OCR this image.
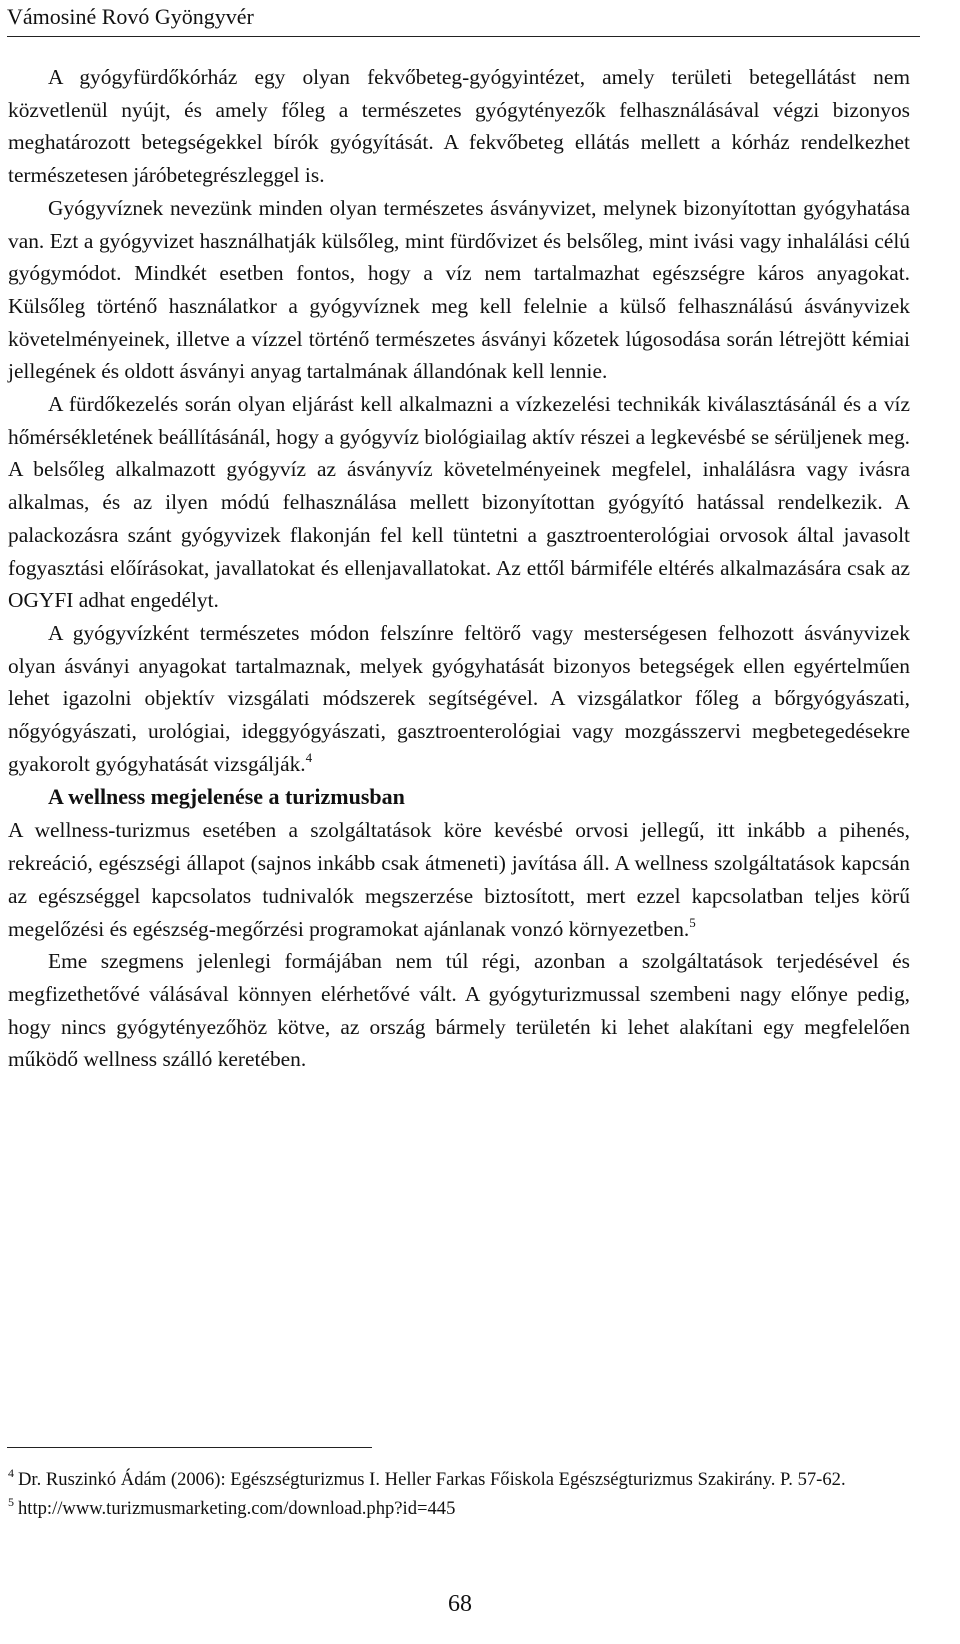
Vámosiné Rovó Gyöngyvér

A gyógyfürdőkórház egy olyan fekvőbeteg-gyógyintézet, amely területi betegellátást nem közvetlenül nyújt, és amely főleg a természetes gyógytényezők felhasználásával végzi bizonyos meghatározott betegségekkel bírók gyógyítását. A fekvőbeteg ellátás mellett a kórház rendelkezhet természetesen járóbetegrészleggel is.

Gyógyvíznek nevezünk minden olyan természetes ásványvizet, melynek bizonyítottan gyógyhatása van. Ezt a gyógyvizet használhatják külsőleg, mint fürdővizet és belsőleg, mint ivási vagy inhalálási célú gyógymódot. Mindkét esetben fontos, hogy a víz nem tartalmazhat egészségre káros anyagokat. Külsőleg történő használatkor a gyógyvíznek meg kell felelnie a külső felhasználású ásványvizek követelményeinek, illetve a vízzel történő természetes ásványi kőzetek lúgosodása során létrejött kémiai jellegének és oldott ásványi anyag tartalmának állandónak kell lennie.

A fürdőkezelés során olyan eljárást kell alkalmazni a vízkezelési technikák kiválasztásánál és a víz hőmérsékletének beállításánál, hogy a gyógyvíz biológiailag aktív részei a legkevésbé se sérüljenek meg. A belsőleg alkalmazott gyógyvíz az ásványvíz követelményeinek megfelel, inhalálásra vagy ivásra alkalmas, és az ilyen módú felhasználása mellett bizonyítottan gyógyító hatással rendelkezik. A palackozásra szánt gyógyvizek flakonján fel kell tüntetni a gasztroenterológiai orvosok által javasolt fogyasztási előírásokat, javallatokat és ellenjavallatokat. Az ettől bármiféle eltérés alkalmazására csak az OGYFI adhat engedélyt.

A gyógyvízként természetes módon felszínre feltörő vagy mesterségesen felhozott ásványvizek olyan ásványi anyagokat tartalmaznak, melyek gyógyhatását bizonyos betegségek ellen egyértelműen lehet igazolni objektív vizsgálati módszerek segítségével. A vizsgálatkor főleg a bőrgyógyászati, nőgyógyászati, urológiai, ideggyógyászati, gasztroenterológiai vagy mozgásszervi megbetegedésekre gyakorolt gyógyhatását vizsgálják.$^4$

A wellness megjelenése a turizmusban

A wellness-turizmus esetében a szolgáltatások köre kevésbé orvosi jellegű, itt inkább a pihenés, rekreáció, egészségi állapot (sajnos inkább csak átmeneti) javítása áll. A wellness szolgáltatások kapcsán az egészséggel kapcsolatos tudnivalók megszerzése biztosított, mert ezzel kapcsolatban teljes körű megelőzési és egészség-megőrzési programokat ajánlanak vonzó környezetben.$^5$

Eme szegmens jelenlegi formájában nem túl régi, azonban a szolgáltatások terjedésével és megfizethetővé válásával könnyen elérhetővé vált. A gyógyturizmussal szembeni nagy előnye pedig, hogy nincs gyógytényezőhöz kötve, az ország bármely területén ki lehet alakítani egy megfelelően működő wellness szálló keretében.

$^4$ Dr. Ruszinkó Ádám (2006): Egészségturizmus I. Heller Farkas Főiskola Egészségturizmus Szakirány. P. 57-62.
$^5$ http://www.turizmusmarketing.com/download.php?id=445
68
